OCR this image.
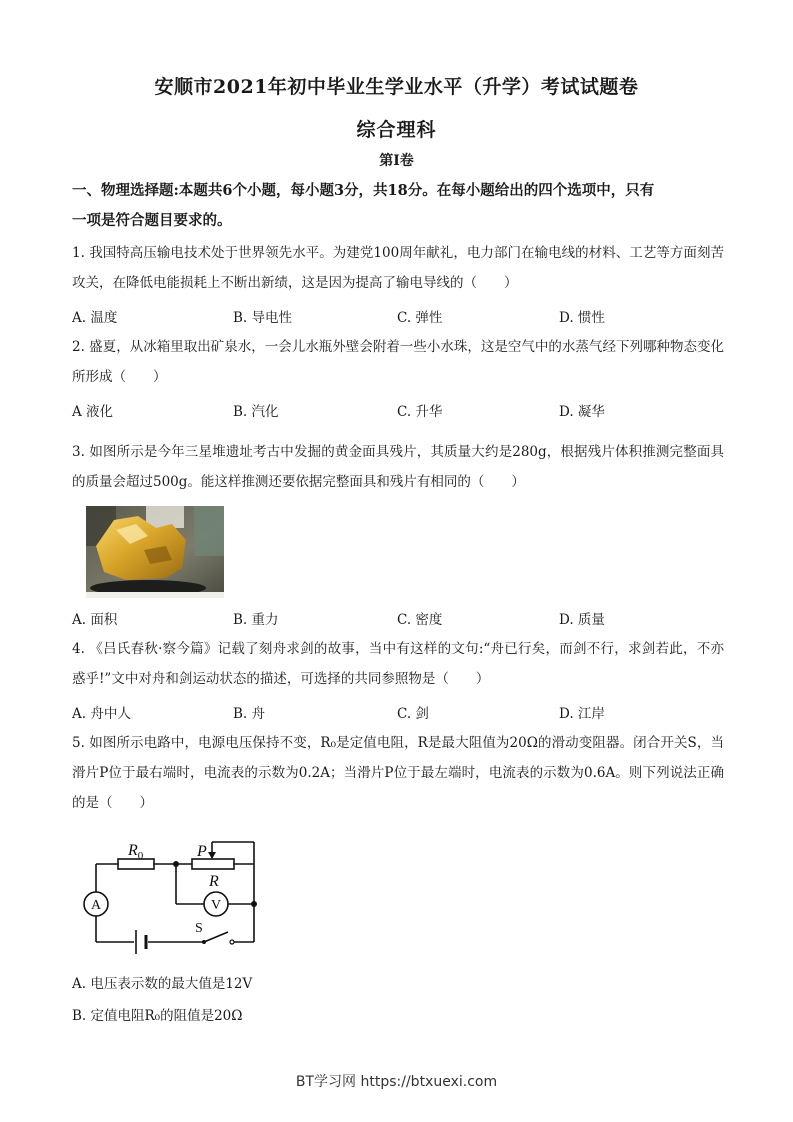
安顺市2021年初中毕业生学业水平（升学）考试试题卷
综合理科
第Ⅰ卷
一、物理选择题:本题共6个小题，每小题3分，共18分。在每小题给出的四个选项中，只有
一项是符合题目要求的。
1. 我国特高压输电技术处于世界领先水平。为建党100周年献礼，电力部门在输电线的材料、工艺等方面刻苦攻关，在降低电能损耗上不断出新绩，这是因为提高了输电导线的（　　）
A. 温度	B. 导电性	C. 弹性	D. 惯性
2. 盛夏，从冰箱里取出矿泉水，一会儿水瓶外壁会附着一些小水珠，这是空气中的水蒸气经下列哪种物态变化所形成（　　）
A 液化	B. 汽化	C. 升华	D. 凝华
3. 如图所示是今年三星堆遗址考古中发掘的黄金面具残片，其质量大约是280g，根据残片体积推测完整面具的质量会超过500g。能这样推测还要依据完整面具和残片有相同的（　　）
A. 面积	B. 重力	C. 密度	D. 质量
4. 《吕氏春秋·察今篇》记载了刻舟求剑的故事，当中有这样的文句:“舟已行矣，而剑不行，求剑若此，不亦惑乎!”文中对舟和剑运动状态的描述，可选择的共同参照物是（　　）
A. 舟中人	B. 舟	C. 剑	D. 江岸
5. 如图所示电路中，电源电压保持不变，R₀是定值电阻，R是最大阻值为20Ω的滑动变阻器。闭合开关S，当滑片P位于最右端时，电流表的示数为0.2A；当滑片P位于最左端时，电流表的示数为0.6A。则下列说法正确的是（　　）
$R_0$	P
R
A	V
S
A. 电压表示数的最大值是12V
B. 定值电阻R₀的阻值是20Ω
BT学习网 https://btxuexi.com
